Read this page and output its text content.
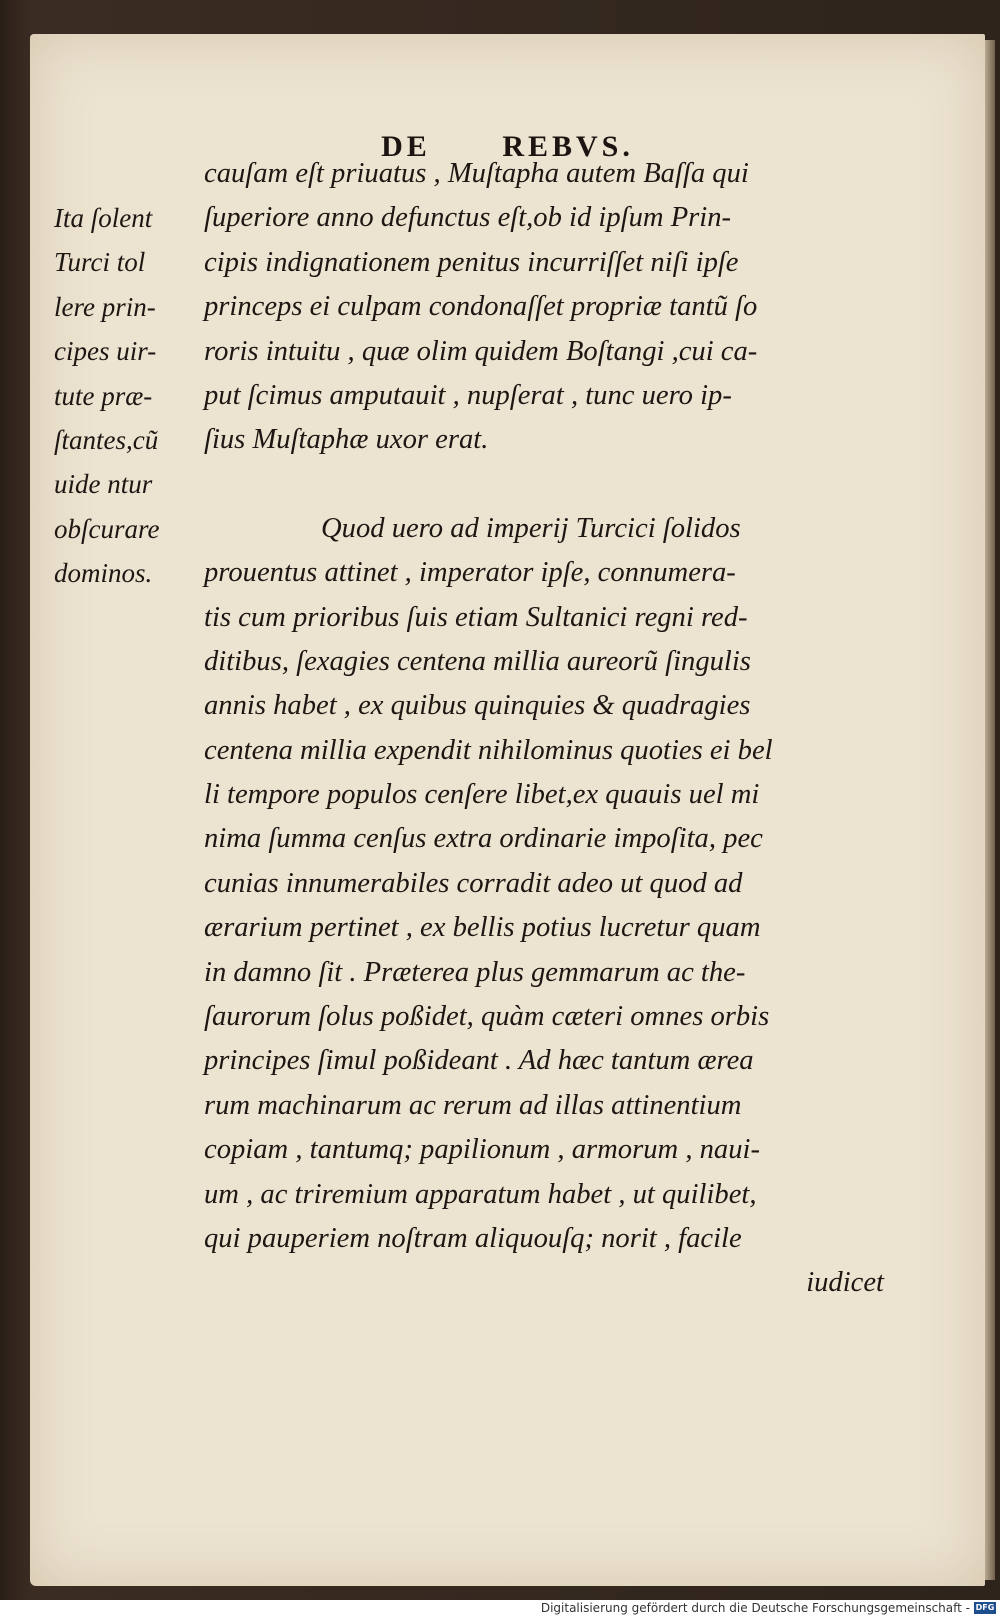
DE REBVS.
Ita ſolent
Turci tol
lere prin-
cipes uir-
tute præ-
ſtantes,cũ
uide ntur
obſcurare
dominos.
cauſam eſt priuatus , Muſtapha autem Baſſa qui
ſuperiore anno defunctus eſt,ob id ipſum Prin-
cipis indignationem penitus incurriſſet niſi ipſe
princeps ei culpam condonaſſet propriæ tantũ ſo
roris intuitu , quæ olim quidem Boſtangi ,cui ca-
put ſcimus amputauit , nupſerat , tunc uero ip-
ſius Muſtaphæ uxor erat.
Quod uero ad imperij Turcici ſolidos
prouentus attinet , imperator ipſe, connumera-
tis cum prioribus ſuis etiam Sultanici regni red-
ditibus, ſexagies centena millia aureorũ ſingulis
annis habet , ex quibus quinquies & quadragies
centena millia expendit nihilominus quoties ei bel
li tempore populos cenſere libet,ex quauis uel mi
nima ſumma cenſus extra ordinarie impoſita, pec
cunias innumerabiles corradit adeo ut quod ad
ærarium pertinet , ex bellis potius lucretur quam
in damno ſit . Præterea plus gemmarum ac the-
ſaurorum ſolus poßidet, quàm cæteri omnes orbis
principes ſimul poßideant . Ad hæc tantum ærea
rum machinarum ac rerum ad illas attinentium
copiam , tantumq; papilionum , armorum , naui-
um , ac triremium apparatum habet , ut quilibet,
qui pauperiem noſtram aliquouſq; norit , facile
iudicet
Digitalisierung gefördert durch die Deutsche Forschungsgemeinschaft - DFG
